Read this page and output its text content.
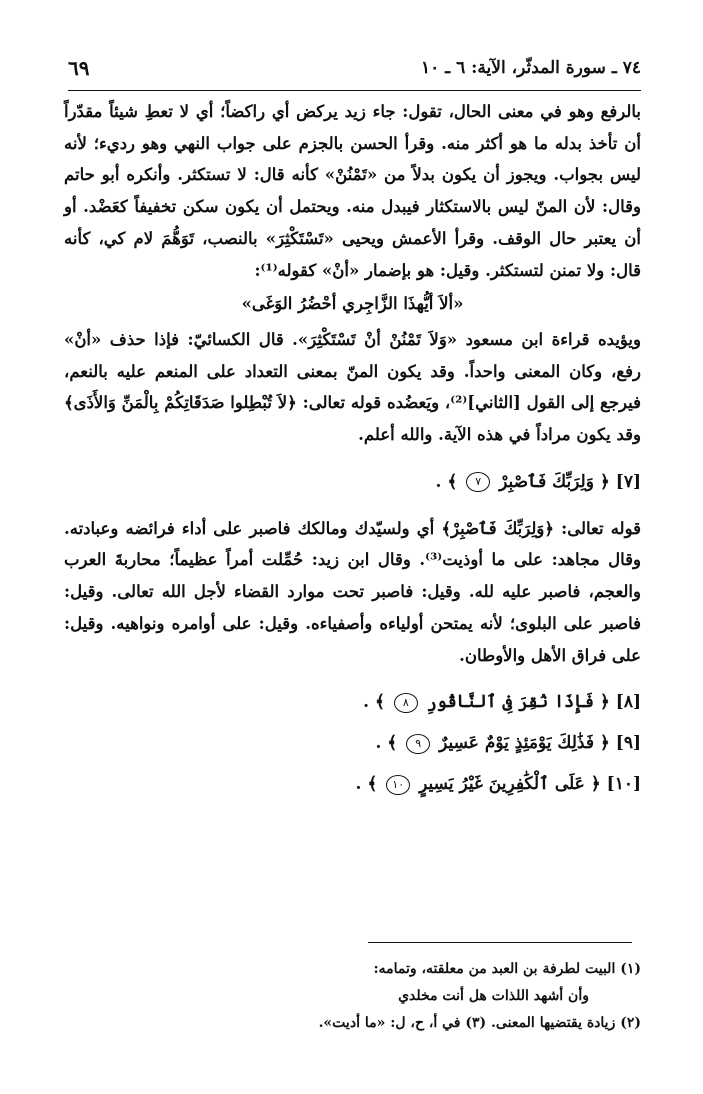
٦٩	٧٤ ـ سورة المدثّر، الآية: ٦ ـ ١٠

بالرفع وهو في معنى الحال، تقول: جاء زيد يركض أي راكضاً؛ أي لا تعطِ شيئاً مقدّراً أن تأخذ بدله ما هو أكثر منه. وقرأ الحسن بالجزم على جواب النهي وهو رديء؛ لأنه ليس بجواب. ويجوز أن يكون بدلاً من «تَمْنُنْ» كأنه قال: لا تستكثر. وأنكره أبو حاتم وقال: لأن المنّ ليس بالاستكثار فيبدل منه. ويحتمل أن يكون سكن تخفيفاً كعَضْد. أو أن يعتبر حال الوقف. وقرأ الأعمش ويحيى «تَسْتَكْثِرَ» بالنصب، تَوَهُّمَ لام كي، كأنه قال: ولا تمنن لتستكثر. وقيل: هو بإضمار «أنْ» كقوله⁽¹⁾:

«ألاَ أيُّهذَا الزَّاجِري أحْضُرُ الوَغَى»

ويؤيده قراءة ابن مسعود «وَلاَ تَمْنُنْ أنْ تَسْتَكْثِرَ». قال الكسائيّ: فإذا حذف «أنْ» رفع، وكان المعنى واحداً. وقد يكون المنّ بمعنى التعداد على المنعم عليه بالنعم، فيرجع إلى القول [الثاني]⁽²⁾، ويَعضُده قوله تعالى: ﴿لاَ تُبْطِلوا صَدَقَاتِكُمْ بِالْمَنِّ وَالأَذَى﴾ وقد يكون مراداً في هذه الآية. والله أعلم.

[٧] ﴿ وَلِرَبِّكَ فَٱصْبِرْ ٧ ﴾ .

قوله تعالى: ﴿وَلِرَبِّكَ فَٱصْبِرْ﴾ أي ولسيّدك ومالكك فاصبر على أداء فرائضه وعبادته. وقال مجاهد: على ما أوذيت⁽³⁾. وقال ابن زيد: حُمِّلت أمراً عظيماً؛ محاربةَ العرب والعجم، فاصبر عليه لله. وقيل: فاصبر تحت موارد القضاء لأجل الله تعالى. وقيل: فاصبر على البلوى؛ لأنه يمتحن أولياءه وأصفياءه. وقيل: على أوامره ونواهيه. وقيل: على فراق الأهل والأوطان.

[٨] ﴿ فَإِذَا نُقِرَ فِى ٱلنَّاقُورِ ٨ ﴾ .

[٩] ﴿ فَذَٰلِكَ يَوْمَئِذٍ يَوْمٌ عَسِيرٌ ٩ ﴾ .

[١٠] ﴿ عَلَى ٱلْكَٰفِرِينَ غَيْرُ يَسِيرٍ ١٠ ﴾ .

(١) البيت لطرفة بن العبد من معلقته، وتمامه:

وأن أشهد اللذات هل أنت مخلدي

(٢) زيادة يقتضيها المعنى. (٣) في أ، ح، ل: «ما أديت».
